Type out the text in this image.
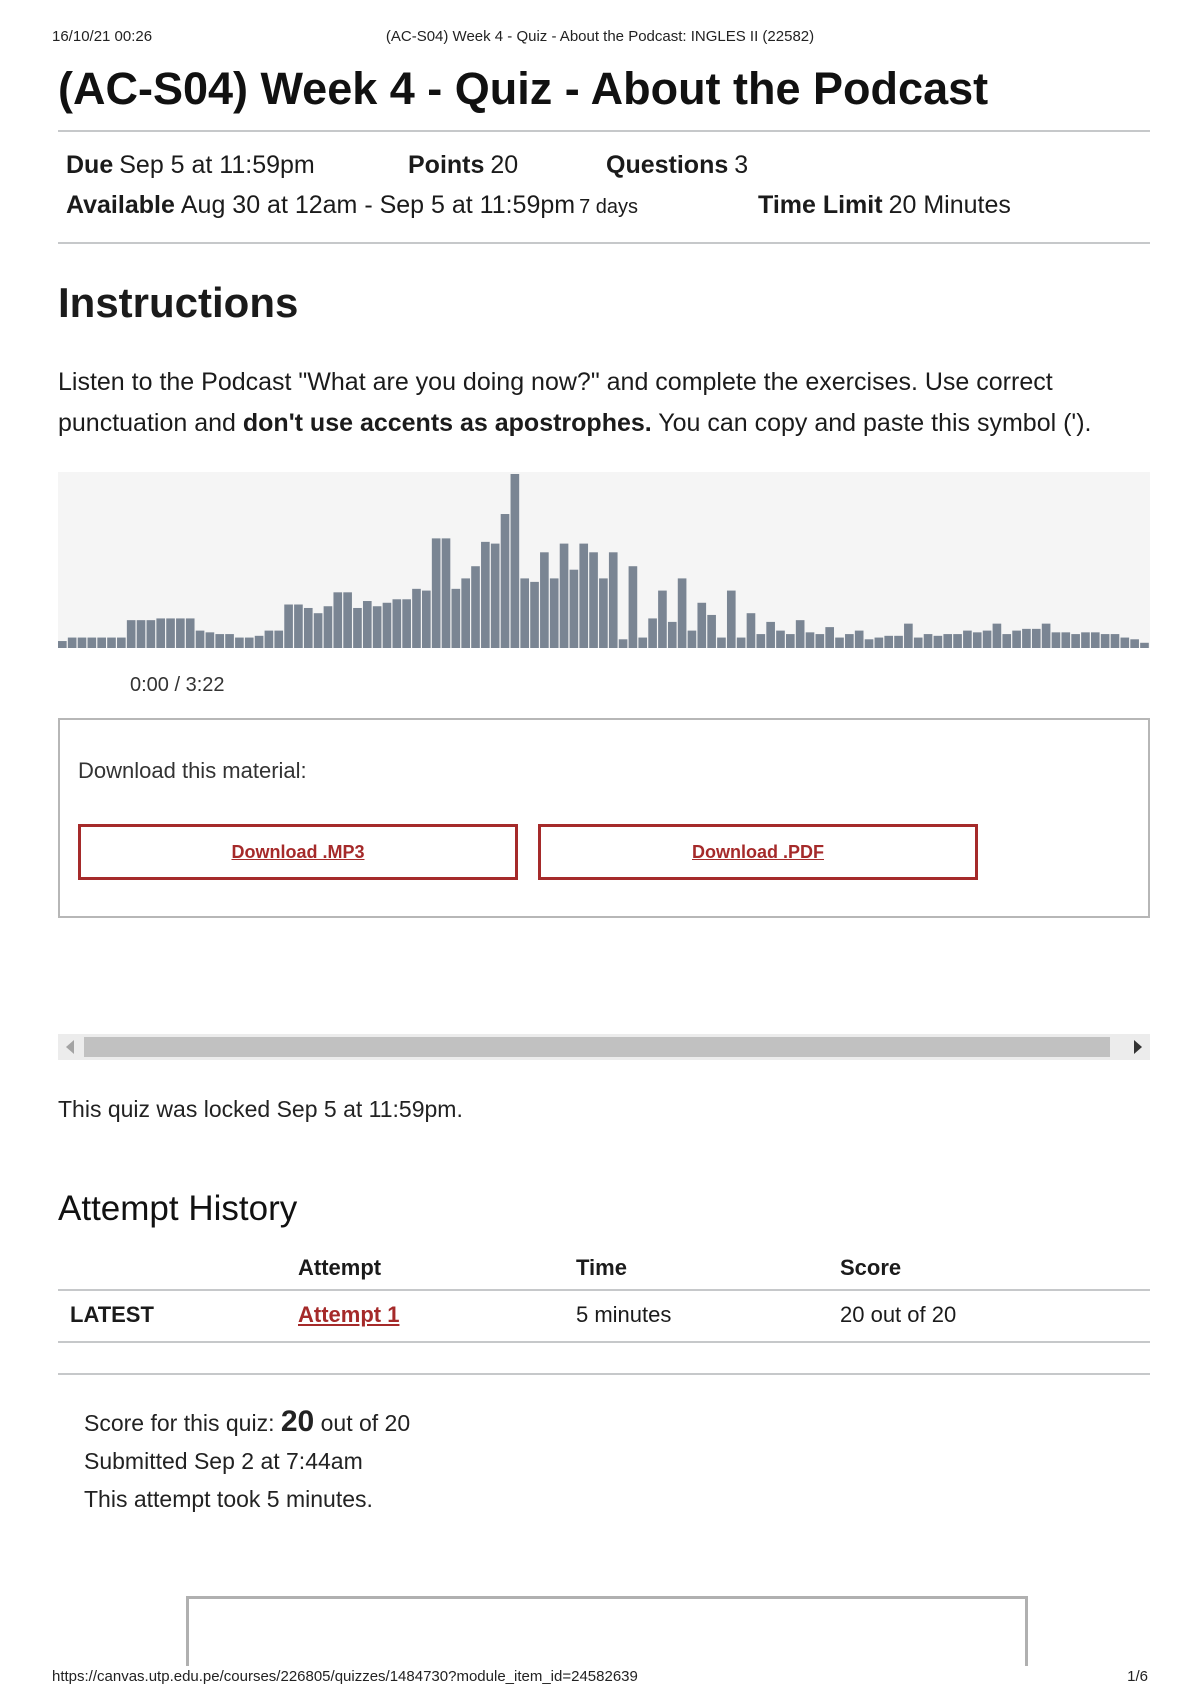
16/10/21 00:26	(AC-S04) Week 4 - Quiz - About the Podcast: INGLES II (22582)
(AC-S04) Week 4 - Quiz - About the Podcast
Due Sep 5 at 11:59pm	Points 20	Questions 3
Available Aug 30 at 12am - Sep 5 at 11:59pm 7 days	Time Limit 20 Minutes
Instructions
Listen to the Podcast "What are you doing now?" and complete the exercises. Use correct punctuation and don't use accents as apostrophes. You can copy and paste this symbol (').
0:00 / 3:22
Download this material:
Download .MP3	Download .PDF
This quiz was locked Sep 5 at 11:59pm.
Attempt History
	Attempt	Time	Score
LATEST	Attempt 1	5 minutes	20 out of 20
Score for this quiz: 20 out of 20
Submitted Sep 2 at 7:44am
This attempt took 5 minutes.
https://canvas.utp.edu.pe/courses/226805/quizzes/1484730?module_item_id=24582639	1/6
